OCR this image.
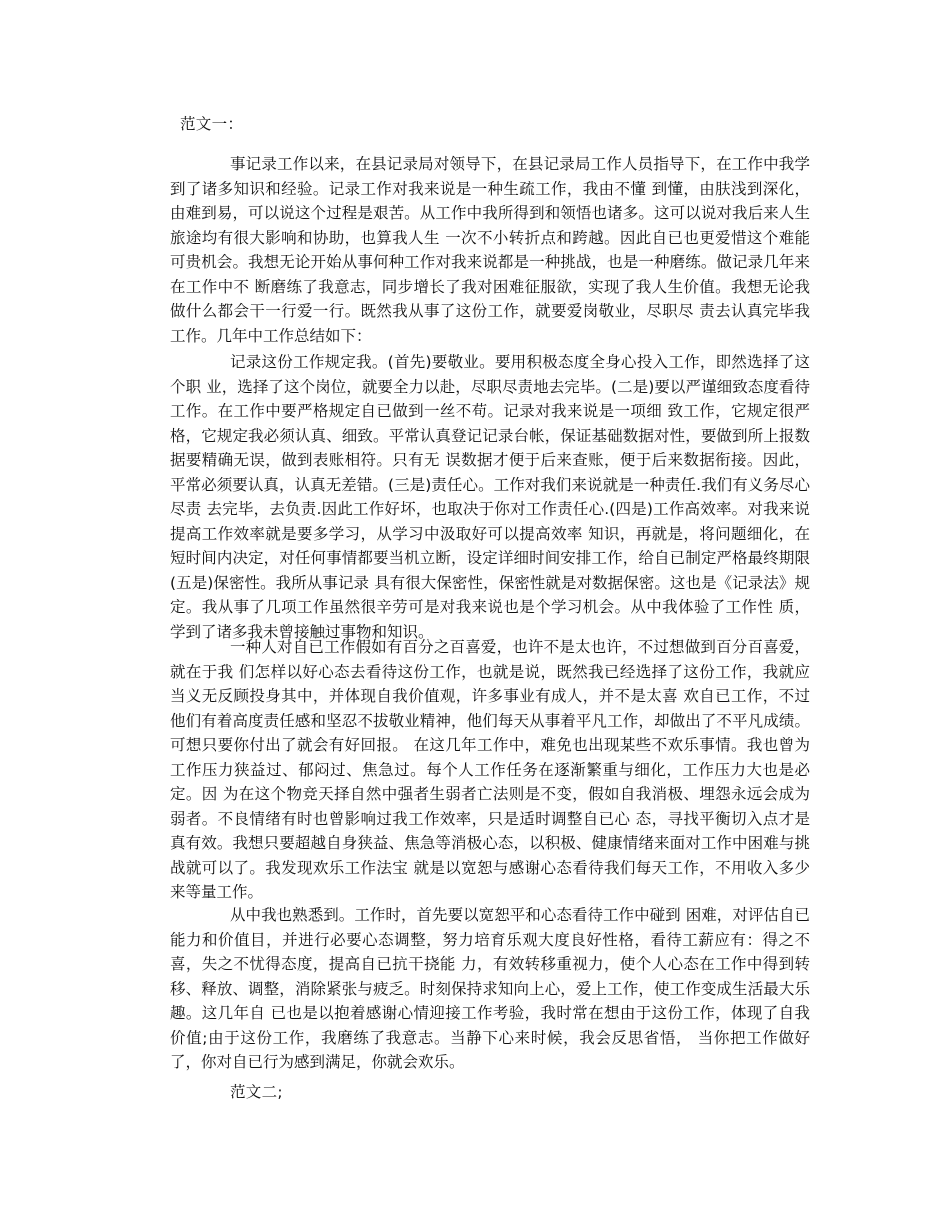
范文一：

事记录工作以来，在县记录局对领导下，在县记录局工作人员指导下，在工作中我学到了诸多知识和经验。记录工作对我来说是一种生疏工作，我由不懂 到懂，由肤浅到深化，由难到易，可以说这个过程是艰苦。从工作中我所得到和领悟也诸多。这可以说对我后来人生旅途均有很大影响和协助，也算我人生 一次不小转折点和跨越。因此自已也更爱惜这个难能可贵机会。我想无论开始从事何种工作对我来说都是一种挑战，也是一种磨练。做记录几年来在工作中不 断磨练了我意志，同步增长了我对困难征服欲，实现了我人生价值。我想无论我做什么都会干一行爱一行。既然我从事了这份工作，就要爱岗敬业，尽职尽 责去认真完毕我工作。几年中工作总结如下：

记录这份工作规定我。(首先)要敬业。要用积极态度全身心投入工作，即然选择了这个职 业，选择了这个岗位，就要全力以赴，尽职尽责地去完毕。(二是)要以严谨细致态度看待工作。在工作中要严格规定自已做到一丝不苟。记录对我来说是一项细 致工作，它规定很严格，它规定我必须认真、细致。平常认真登记记录台帐，保证基础数据对性，要做到所上报数据要精确无误，做到表账相符。只有无 误数据才便于后来查账，便于后来数据衔接。因此，平常必须要认真，认真无差错。(三是)责任心。工作对我们来说就是一种责任.我们有义务尽心尽责 去完毕，去负责.因此工作好坏，也取决于你对工作责任心.(四是)工作高效率。对我来说提高工作效率就是要多学习，从学习中汲取好可以提高效率 知识，再就是，将问题细化，在短时间内决定，对任何事情都要当机立断，设定详细时间安排工作，给自已制定严格最终期限(五是)保密性。我所从事记录 具有很大保密性，保密性就是对数据保密。这也是《记录法》规定。我从事了几项工作虽然很辛劳可是对我来说也是个学习机会。从中我体验了工作性 质，学到了诸多我未曾接触过事物和知识。

一种人对自已工作假如有百分之百喜爱，也许不是太也许，不过想做到百分百喜爱，就在于我 们怎样以好心态去看待这份工作，也就是说，既然我已经选择了这份工作，我就应当义无反顾投身其中，并体现自我价值观，许多事业有成人，并不是太喜 欢自已工作，不过他们有着高度责任感和坚忍不拔敬业精神，他们每天从事着平凡工作，却做出了不平凡成绩。可想只要你付出了就会有好回报。 在这几年工作中，难免也出现某些不欢乐事情。我也曾为工作压力狭益过、郁闷过、焦急过。每个人工作任务在逐渐繁重与细化，工作压力大也是必定。因 为在这个物竞天择自然中强者生弱者亡法则是不变，假如自我消极、埋怨永远会成为弱者。不良情绪有时也曾影响过我工作效率，只是适时调整自已心 态，寻找平衡切入点才是真有效。我想只要超越自身狭益、焦急等消极心态，以积极、健康情绪来面对工作中困难与挑战就可以了。我发现欢乐工作法宝 就是以宽恕与感谢心态看待我们每天工作，不用收入多少来等量工作。

从中我也熟悉到。工作时，首先要以宽恕平和心态看待工作中碰到 困难，对评估自已能力和价值目，并进行必要心态调整，努力培育乐观大度良好性格，看待工薪应有：得之不喜，失之不忧得态度，提高自已抗干挠能 力，有效转移重视力，使个人心态在工作中得到转移、释放、调整，消除紧张与疲乏。时刻保持求知向上心，爱上工作，使工作变成生活最大乐趣。这几年自 已也是以抱着感谢心情迎接工作考验，我时常在想由于这份工作，体现了自我价值;由于这份工作，我磨练了我意志。当静下心来时候，我会反思省悟， 当你把工作做好了，你对自已行为感到满足，你就会欢乐。

范文二;
